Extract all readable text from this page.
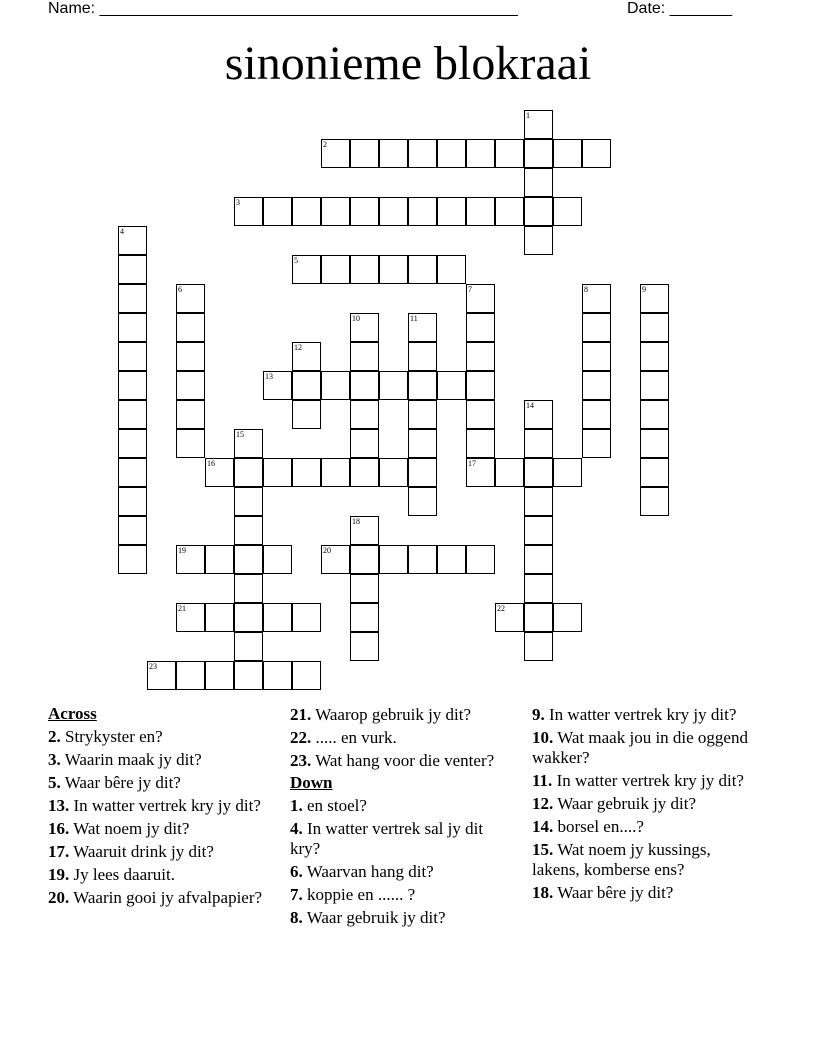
Name: _______________________________________________	Date: _______
sinonieme blokraai
1
2
3
4
5
6	7
17
8	9
10	11
12
13
14
15
16
18
19	20
21	22
23
Across
2. Strykyster en?
3. Waarin maak jy dit?
5. Waar bêre jy dit?
13. In watter vertrek kry jy dit?
16. Wat noem jy dit?
17. Waaruit drink jy dit?
19. Jy lees daaruit.
20. Waarin gooi jy afvalpapier?
21. Waarop gebruik jy dit?
22. ..... en vurk.
23. Wat hang voor die venter?
Down
1. en stoel?
4. In watter vertrek sal jy dit kry?
6. Waarvan hang dit?
7. koppie en ...... ?
8. Waar gebruik jy dit?
9. In watter vertrek kry jy dit?
10. Wat maak jou in die oggend wakker?
11. In watter vertrek kry jy dit?
12. Waar gebruik jy dit?
14. borsel en....?
15. Wat noem jy kussings, lakens, komberse ens?
18. Waar bêre jy dit?
